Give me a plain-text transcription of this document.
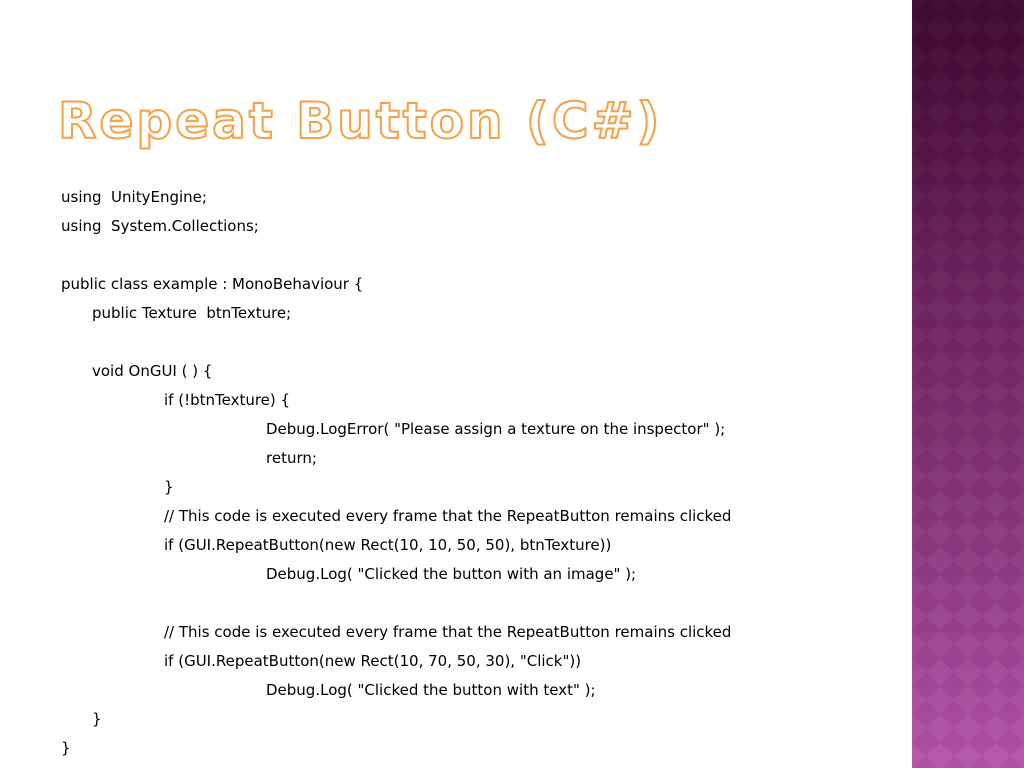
Repeat Button (C#)
using  UnityEngine;
using  System.Collections;
public class example : MonoBehaviour {
public Texture  btnTexture;
void OnGUI ( ) {
if (!btnTexture) {
Debug.LogError( "Please assign a texture on the inspector" );
return;
}
// This code is executed every frame that the RepeatButton remains clicked
if (GUI.RepeatButton(new Rect(10, 10, 50, 50), btnTexture))
Debug.Log( "Clicked the button with an image" );
// This code is executed every frame that the RepeatButton remains clicked
if (GUI.RepeatButton(new Rect(10, 70, 50, 30), "Click"))
Debug.Log( "Clicked the button with text" );
}
}
